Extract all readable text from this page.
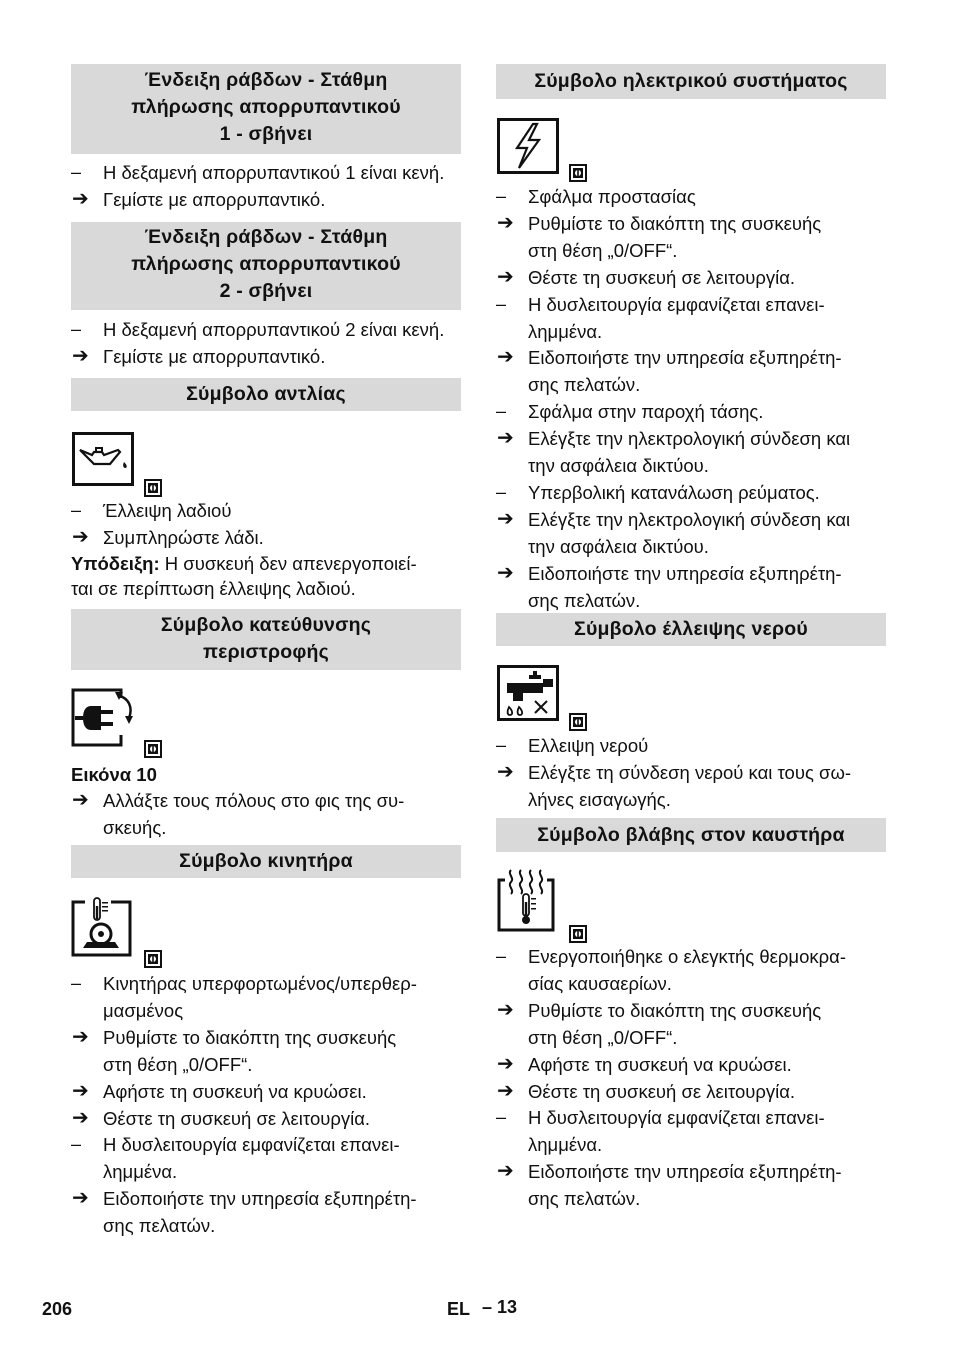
Ένδειξη ράβδων - Στάθμη
πλήρωσης απορρυπαντικού
1 - σβήνει
– Η δεξαμενή απορρυπαντικού 1 είναι κενή.
➔ Γεμίστε με απορρυπαντικό.
Ένδειξη ράβδων - Στάθμη
πλήρωσης απορρυπαντικού
2 - σβήνει
– Η δεξαμενή απορρυπαντικού 2 είναι κενή.
➔ Γεμίστε με απορρυπαντικό.
Σύμβολο αντλίας
– Έλλειψη λαδιού
➔ Συμπληρώστε λάδι.
Υπόδειξη: Η συσκευή δεν απενεργοποιεί-
ται σε περίπτωση έλλειψης λαδιού.
Σύμβολο κατεύθυνσης
περιστροφής
Εικόνα 10
➔ Αλλάξτε τους πόλους στο φις της συ-
σκευής.
Σύμβολο κινητήρα
– Κινητήρας υπερφορτωμένος/υπερθερ-
μασμένος
➔ Ρυθμίστε το διακόπτη της συσκευής
στη θέση „0/OFF“.
➔ Αφήστε τη συσκευή να κρυώσει.
➔ Θέστε τη συσκευή σε λειτουργία.
– Η δυσλειτουργία εμφανίζεται επανει-
λημμένα.
➔ Ειδοποιήστε την υπηρεσία εξυπηρέτη-
σης πελατών.
Σύμβολο ηλεκτρικού συστήματος
– Σφάλμα προστασίας
➔ Ρυθμίστε το διακόπτη της συσκευής
στη θέση „0/OFF“.
➔ Θέστε τη συσκευή σε λειτουργία.
– Η δυσλειτουργία εμφανίζεται επανει-
λημμένα.
➔ Ειδοποιήστε την υπηρεσία εξυπηρέτη-
σης πελατών.
– Σφάλμα στην παροχή τάσης.
➔ Ελέγξτε την ηλεκτρολογική σύνδεση και
την ασφάλεια δικτύου.
– Υπερβολική κατανάλωση ρεύματος.
➔ Ελέγξτε την ηλεκτρολογική σύνδεση και
την ασφάλεια δικτύου.
➔ Ειδοποιήστε την υπηρεσία εξυπηρέτη-
σης πελατών.
Σύμβολο έλλειψης νερού
– Ελλειψη νερού
➔ Ελέγξτε τη σύνδεση νερού και τους σω-
λήνες εισαγωγής.
Σύμβολο βλάβης στον καυστήρα
– Ενεργοποιήθηκε ο ελεγκτής θερμοκρα-
σίας καυσαερίων.
➔ Ρυθμίστε το διακόπτη της συσκευής
στη θέση „0/OFF“.
➔ Αφήστε τη συσκευή να κρυώσει.
➔ Θέστε τη συσκευή σε λειτουργία.
– Η δυσλειτουργία εμφανίζεται επανει-
λημμένα.
➔ Ειδοποιήστε την υπηρεσία εξυπηρέτη-
σης πελατών.
206	EL – 13
